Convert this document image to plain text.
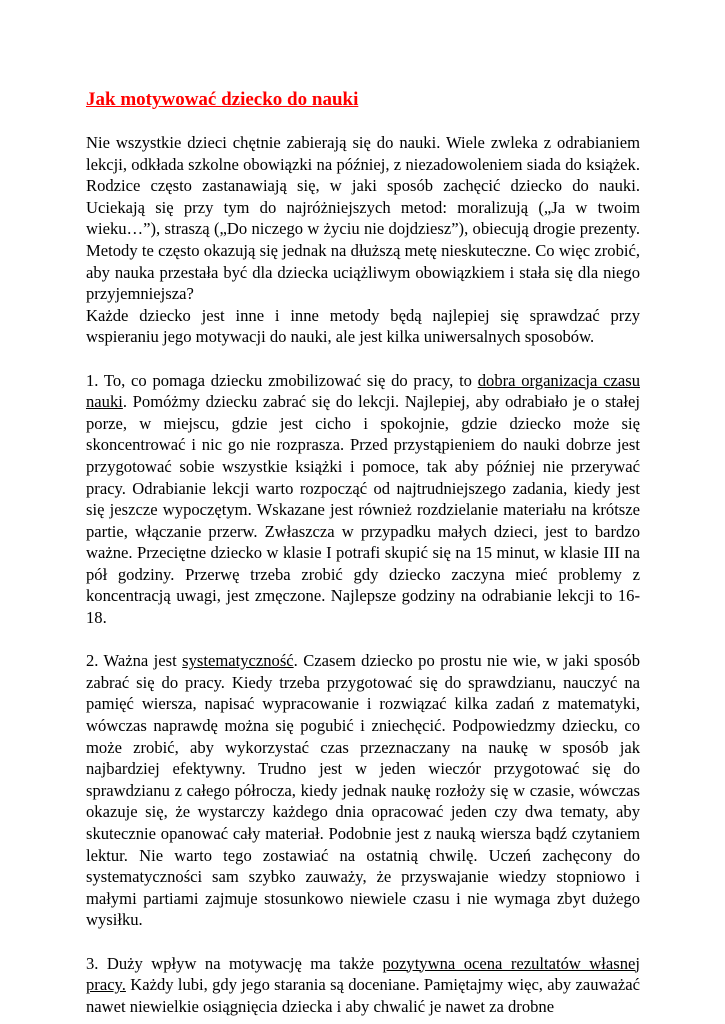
Jak motywować dziecko do nauki

Nie wszystkie dzieci chętnie zabierają się do nauki. Wiele zwleka z odrabianiem lekcji, odkłada szkolne obowiązki na później, z niezadowoleniem siada do książek. Rodzice często zastanawiają się, w jaki sposób zachęcić dziecko do nauki. Uciekają się przy tym do najróżniejszych metod: moralizują („Ja w twoim wieku…”), straszą („Do niczego w życiu nie dojdziesz”), obiecują drogie prezenty. Metody te często okazują się jednak na dłuższą metę nieskuteczne. Co więc zrobić, aby nauka przestała być dla dziecka uciążliwym obowiązkiem i stała się dla niego przyjemniejsza?

Każde dziecko jest inne i inne metody będą najlepiej się sprawdzać przy wspieraniu jego motywacji do nauki, ale jest kilka uniwersalnych sposobów.

1. To, co pomaga dziecku zmobilizować się do pracy, to dobra organizacja czasu nauki. Pomóżmy dziecku zabrać się do lekcji. Najlepiej, aby odrabiało je o stałej porze, w miejscu, gdzie jest cicho i spokojnie, gdzie dziecko może się skoncentrować i nic go nie rozprasza. Przed przystąpieniem do nauki dobrze jest przygotować sobie wszystkie książki i pomoce, tak aby później nie przerywać pracy. Odrabianie lekcji warto rozpocząć od najtrudniejszego zadania, kiedy jest się jeszcze wypoczętym. Wskazane jest również rozdzielanie materiału na krótsze partie, włączanie przerw. Zwłaszcza w przypadku małych dzieci, jest to bardzo ważne. Przeciętne dziecko w klasie I potrafi skupić się na 15 minut, w klasie III na pół godziny. Przerwę trzeba zrobić gdy dziecko zaczyna mieć problemy z koncentracją uwagi, jest zmęczone. Najlepsze godziny na odrabianie lekcji to 16-18.

2. Ważna jest systematyczność. Czasem dziecko po prostu nie wie, w jaki sposób zabrać się do pracy. Kiedy trzeba przygotować się do sprawdzianu, nauczyć na pamięć wiersza, napisać wypracowanie i rozwiązać kilka zadań z matematyki, wówczas naprawdę można się pogubić i zniechęcić. Podpowiedzmy dziecku, co może zrobić, aby wykorzystać czas przeznaczany na naukę w sposób jak najbardziej efektywny. Trudno jest w jeden wieczór przygotować się do sprawdzianu z całego półrocza, kiedy jednak naukę rozłoży się w czasie, wówczas okazuje się, że wystarczy każdego dnia opracować jeden czy dwa tematy, aby skutecznie opanować cały materiał. Podobnie jest z nauką wiersza bądź czytaniem lektur. Nie warto tego zostawiać na ostatnią chwilę. Uczeń zachęcony do systematyczności sam szybko zauważy, że przyswajanie wiedzy stopniowo i małymi partiami zajmuje stosunkowo niewiele czasu i nie wymaga zbyt dużego wysiłku.

3. Duży wpływ na motywację ma także pozytywna ocena rezultatów własnej pracy. Każdy lubi, gdy jego starania są doceniane. Pamiętajmy więc, aby zauważać nawet niewielkie osiągnięcia dziecka i aby chwalić je nawet za drobne
